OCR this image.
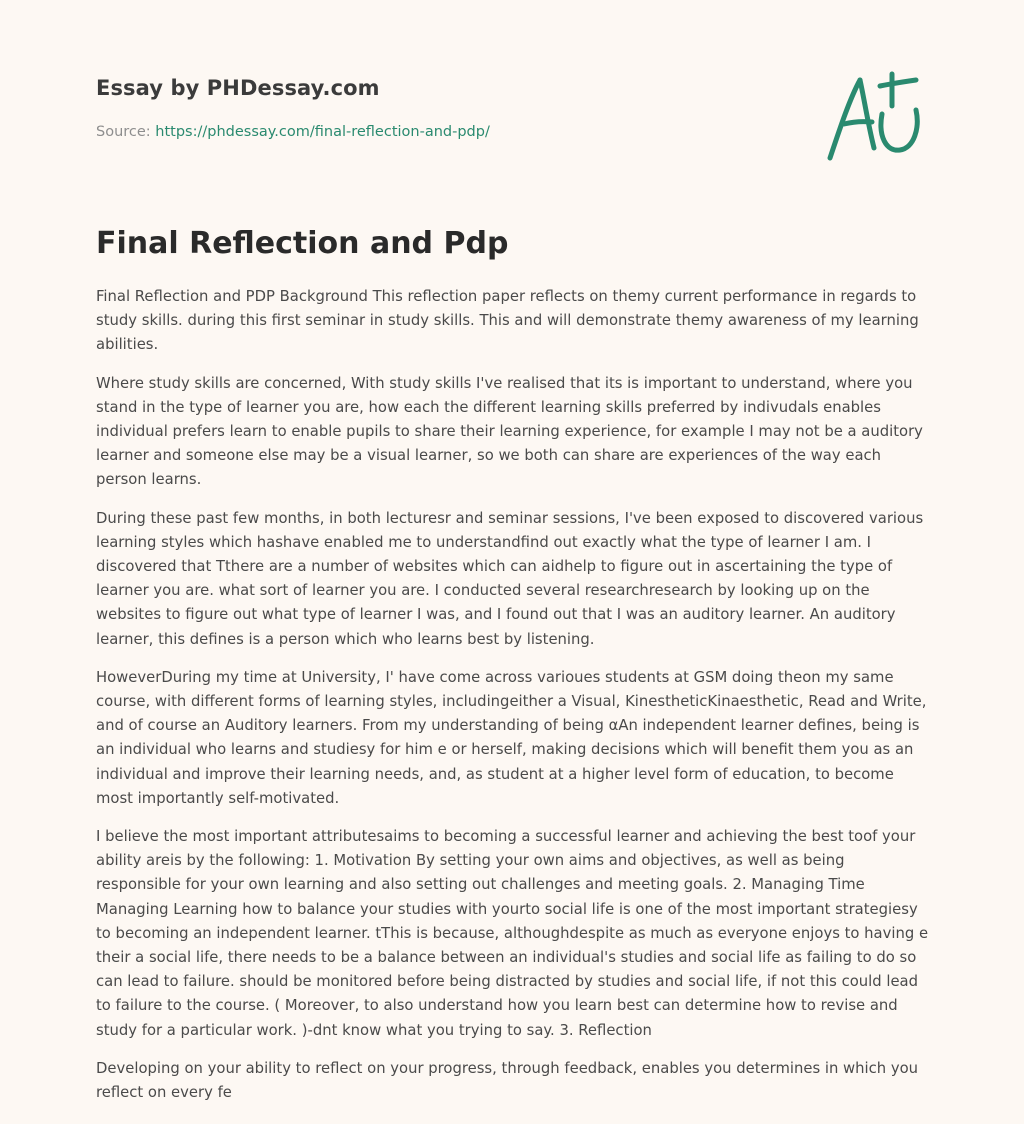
Essay by PHDessay.com
Source: https://phdessay.com/final-reflection-and-pdp/
Final Reflection and Pdp

Final Reflection and PDP Background This reflection paper reflects on themy current performance in regards to study skills. during this first seminar in study skills. This and will demonstrate themy awareness of my learning abilities.

Where study skills are concerned, With study skills I've realised that its is important to understand, where you stand in the type of learner you are, how each the different learning skills preferred by indivudals enables individual prefers learn to enable pupils to share their learning experience, for example I may not be a auditory learner and someone else may be a visual learner, so we both can share are experiences of the way each person learns.

During these past few months, in both lecturesr and seminar sessions, I've been exposed to discovered various learning styles which hashave enabled me to understandfind out exactly what the type of learner I am. I discovered that Tthere are a number of websites which can aidhelp to figure out in ascertaining the type of learner you are. what sort of learner you are. I conducted several researchresearch by looking up on the websites to figure out what type of learner I was, and I found out that I was an auditory learner. An auditory learner, this defines is a person which who learns best by listening.

HoweverDuring my time at University, I' have come across varioues students at GSM doing theon my same course, with different forms of learning styles, includingeither a Visual, KinestheticKinaesthetic, Read and Write, and of course an Auditory learners. From my understanding of being αAn independent learner defines, being is an individual who learns and studiesy for him e or herself, making decisions which will benefit them you as an individual and improve their learning needs, and, as student at a higher level form of education, to become most importantly self-motivated.

I believe the most important attributesaims to becoming a successful learner and achieving the best toof your ability areis by the following: 1. Motivation By setting your own aims and objectives, as well as being responsible for your own learning and also setting out challenges and meeting goals. 2. Managing Time Managing Learning how to balance your studies with yourto social life is one of the most important strategiesy to becoming an independent learner. tThis is because, althoughdespite as much as everyone enjoys to having e their a social life, there needs to be a balance between an individual's studies and social life as failing to do so can lead to failure. should be monitored before being distracted by studies and social life, if not this could lead to failure to the course. ( Moreover, to also understand how you learn best can determine how to revise and study for a particular work. )-dnt know what you trying to say. 3. Reflection

Developing on your ability to reflect on your progress, through feedback, enables you determines in which you reflect on every fe
